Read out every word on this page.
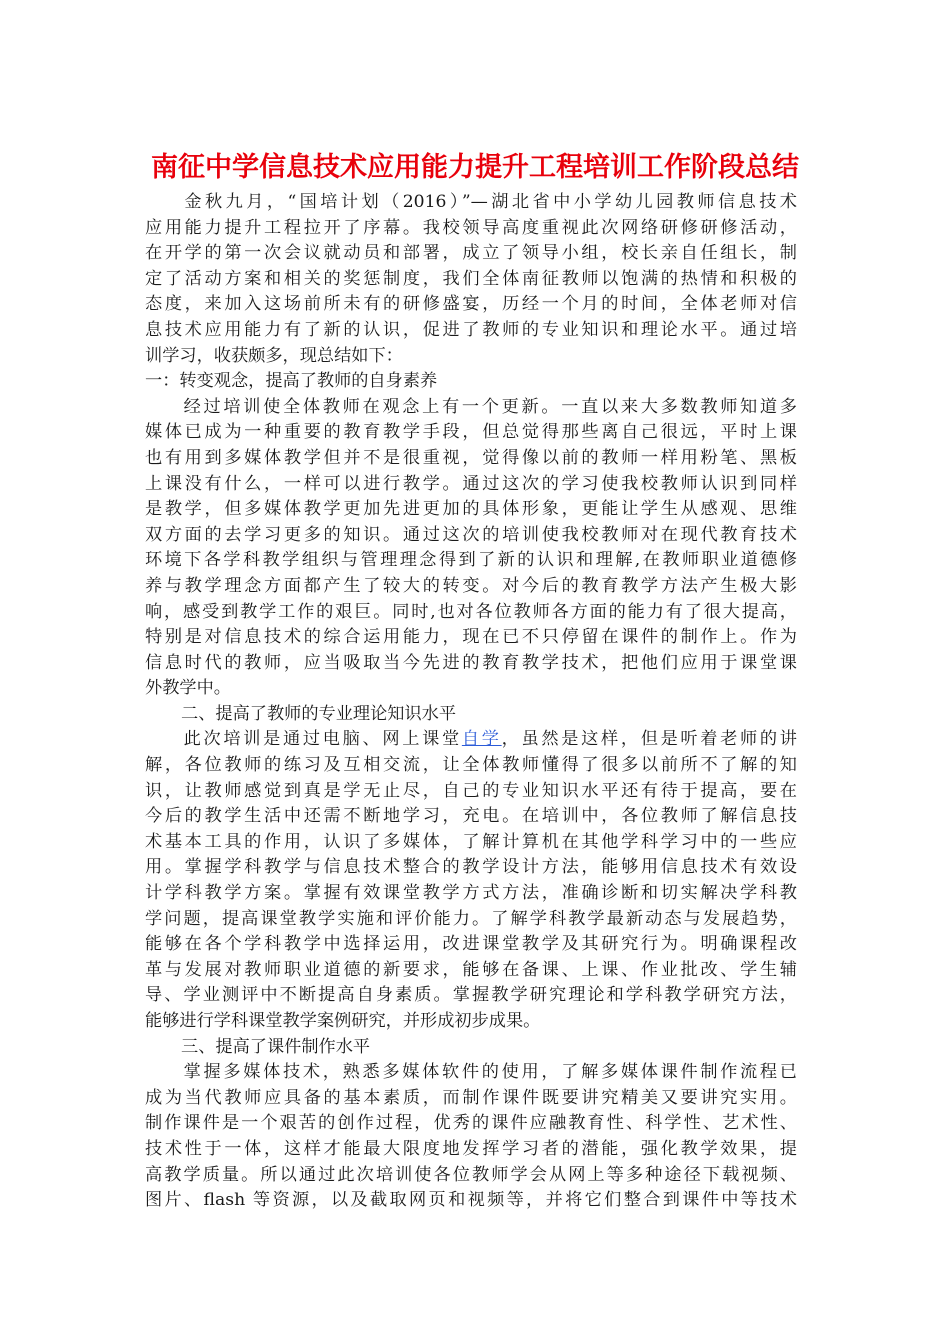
南征中学信息技术应用能力提升工程培训工作阶段总结
金秋九月，“国培计划（2016）”—湖北省中小学幼儿园教师信息技术
应用能力提升工程拉开了序幕。我校领导高度重视此次网络研修研修活动，
在开学的第一次会议就动员和部署，成立了领导小组，校长亲自任组长，制
定了活动方案和相关的奖惩制度，我们全体南征教师以饱满的热情和积极的
态度，来加入这场前所未有的研修盛宴，历经一个月的时间，全体老师对信
息技术应用能力有了新的认识，促进了教师的专业知识和理论水平。通过培
训学习，收获颇多，现总结如下：
一：转变观念，提高了教师的自身素养
经过培训使全体教师在观念上有一个更新。一直以来大多数教师知道多
媒体已成为一种重要的教育教学手段，但总觉得那些离自己很远，平时上课
也有用到多媒体教学但并不是很重视，觉得像以前的教师一样用粉笔、黑板
上课没有什么，一样可以进行教学。通过这次的学习使我校教师认识到同样
是教学，但多媒体教学更加先进更加的具体形象，更能让学生从感观、思维
双方面的去学习更多的知识。通过这次的培训使我校教师对在现代教育技术
环境下各学科教学组织与管理理念得到了新的认识和理解,在教师职业道德修
养与教学理念方面都产生了较大的转变。对今后的教育教学方法产生极大影
响，感受到教学工作的艰巨。同时,也对各位教师各方面的能力有了很大提高，
特别是对信息技术的综合运用能力，现在已不只停留在课件的制作上。作为
信息时代的教师，应当吸取当今先进的教育教学技术，把他们应用于课堂课
外教学中。
二、提高了教师的专业理论知识水平
此次培训是通过电脑、网上课堂自学，虽然是这样，但是听着老师的讲
解，各位教师的练习及互相交流，让全体教师懂得了很多以前所不了解的知
识，让教师感觉到真是学无止尽，自己的专业知识水平还有待于提高，要在
今后的教学生活中还需不断地学习，充电。在培训中，各位教师了解信息技
术基本工具的作用，认识了多媒体，了解计算机在其他学科学习中的一些应
用。掌握学科教学与信息技术整合的教学设计方法，能够用信息技术有效设
计学科教学方案。掌握有效课堂教学方式方法，准确诊断和切实解决学科教
学问题，提高课堂教学实施和评价能力。了解学科教学最新动态与发展趋势，
能够在各个学科教学中选择运用，改进课堂教学及其研究行为。明确课程改
革与发展对教师职业道德的新要求，能够在备课、上课、作业批改、学生辅
导、学业测评中不断提高自身素质。掌握教学研究理论和学科教学研究方法，
能够进行学科课堂教学案例研究，并形成初步成果。
三、提高了课件制作水平
掌握多媒体技术，熟悉多媒体软件的使用，了解多媒体课件制作流程已
成为当代教师应具备的基本素质，而制作课件既要讲究精美又要讲究实用。
制作课件是一个艰苦的创作过程，优秀的课件应融教育性、科学性、艺术性、
技术性于一体，这样才能最大限度地发挥学习者的潜能，强化教学效果，提
高教学质量。所以通过此次培训使各位教师学会从网上等多种途径下载视频、
图片、flash 等资源，以及截取网页和视频等，并将它们整合到课件中等技术
